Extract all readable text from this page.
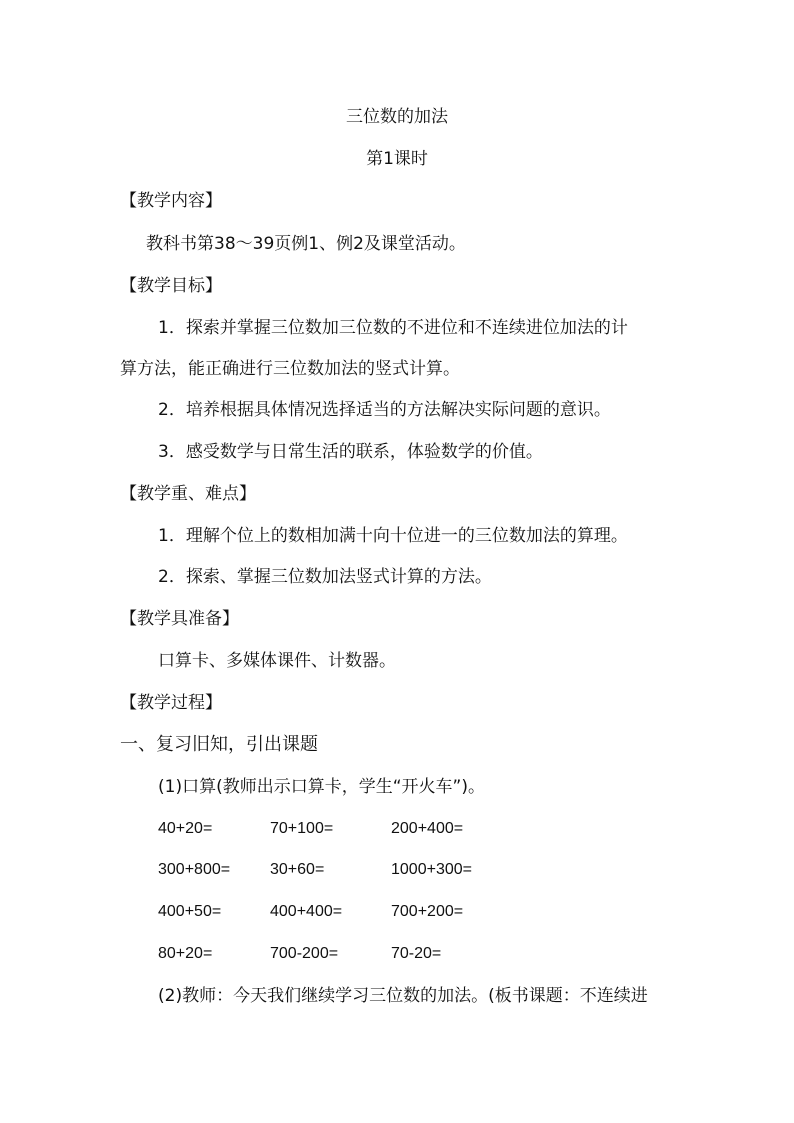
三位数的加法
第1课时
【教学内容】
教科书第38～39页例1、例2及课堂活动。
【教学目标】
1．探索并掌握三位数加三位数的不进位和不连续进位加法的计
算方法，能正确进行三位数加法的竖式计算。
2．培养根据具体情况选择适当的方法解决实际问题的意识。
3．感受数学与日常生活的联系，体验数学的价值。
【教学重、难点】
1．理解个位上的数相加满十向十位进一的三位数加法的算理。
2．探索、掌握三位数加法竖式计算的方法。
【教学具准备】
口算卡、多媒体课件、计数器。
【教学过程】
一、复习旧知，引出课题
(1)口算(教师出示口算卡，学生“开火车”)。
40+20=	70+100=	200+400=
300+800= 30+60=	1000+300=
400+50=	400+400=	700+200=
80+20=	700-200=	70-20=
(2)教师：今天我们继续学习三位数的加法。(板书课题：不连续进
